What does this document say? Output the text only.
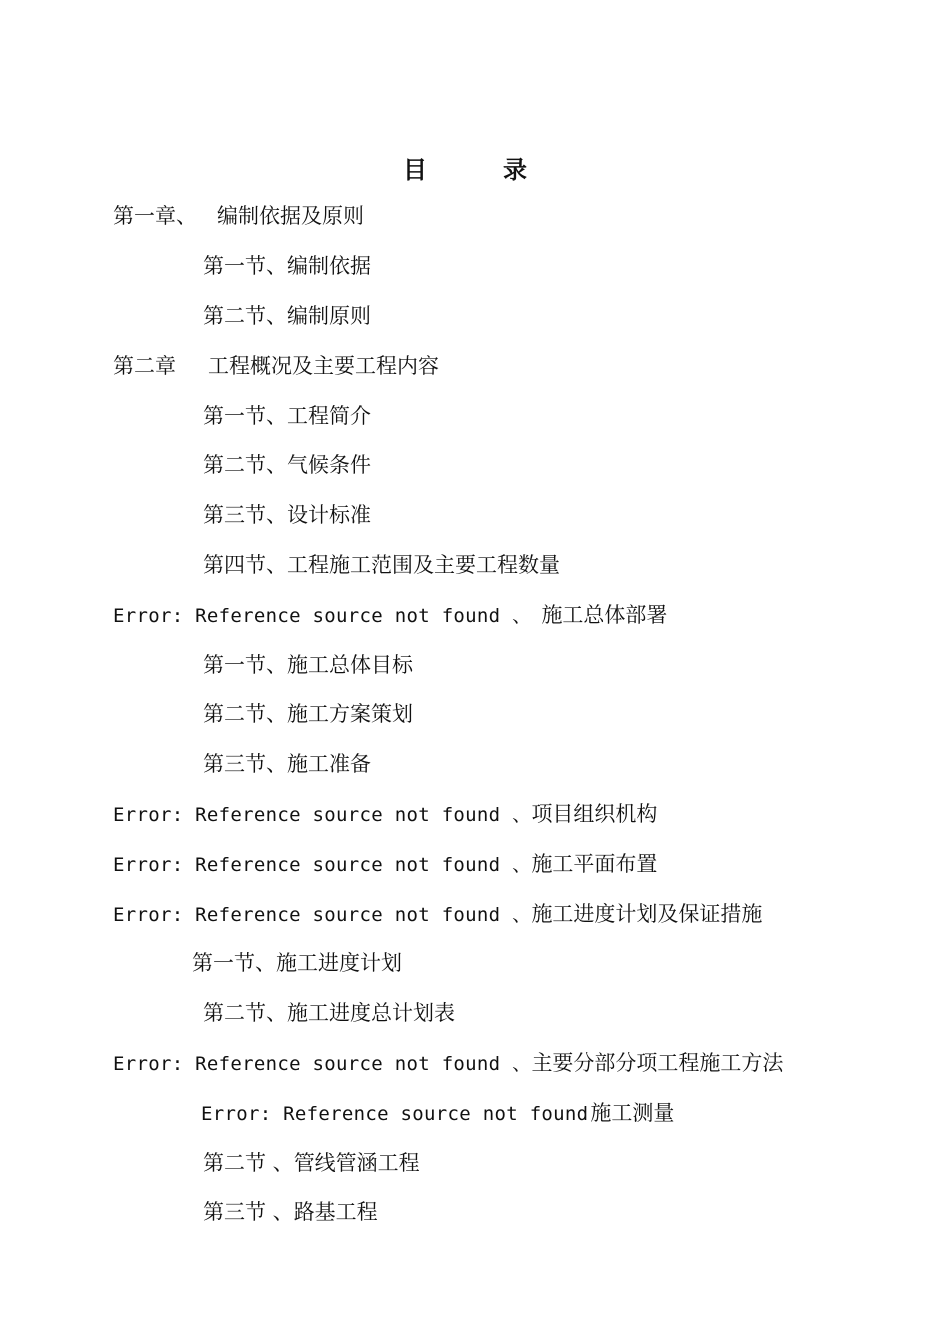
目　录
第一章、 编制依据及原则
第一节、编制依据
第二节、编制原则
第二章 工程概况及主要工程内容
第一节、工程简介
第二节、气候条件
第三节、设计标准
第四节、工程施工范围及主要工程数量
Error: Reference source not found 、 施工总体部署
第一节、施工总体目标
第二节、施工方案策划
第三节、施工准备
Error: Reference source not found 、项目组织机构
Error: Reference source not found 、施工平面布置
Error: Reference source not found 、施工进度计划及保证措施
第一节、施工进度计划
第二节、施工进度总计划表
Error: Reference source not found 、主要分部分项工程施工方法
Error: Reference source not found施工测量
第二节 、管线管涵工程
第三节 、路基工程
